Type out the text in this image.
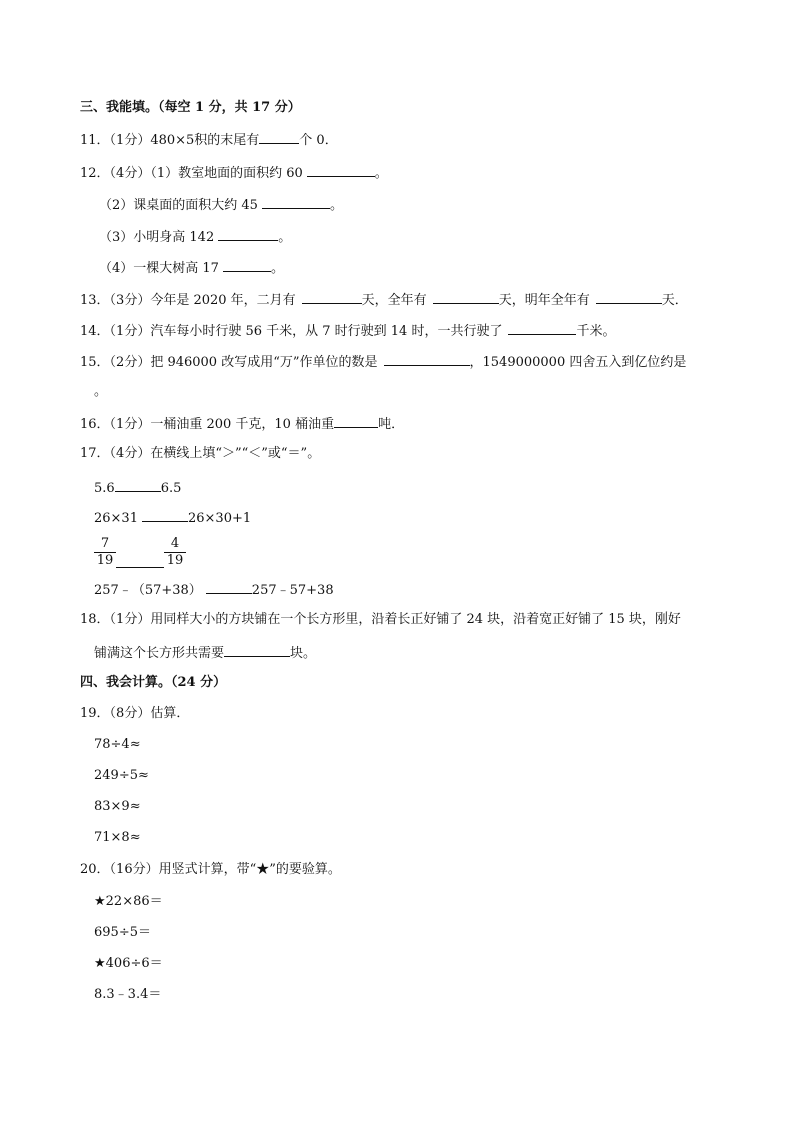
三、我能填。（每空 1 分，共 17 分）
11．（1分）480×5积的末尾有	个 0．
12．（4分）（1）教室地面的面积约 60	。
（2）课桌面的面积大约 45	。
（3）小明身高 142	。
（4）一棵大树高 17	。
13．（3分）今年是 2020 年，二月有	天，全年有	天，明年全年有	天．
14．（1分）汽车每小时行驶 56 千米，从 7 时行驶到 14 时，一共行驶了	千米。
15．（2分）把 946000 改写成用“万”作单位的数是	，1549000000 四舍五入到亿位约是
。
16．（1分）一桶油重 200 千克，10 桶油重	吨．
17．（4分）在横线上填“＞”“＜”或“＝”。
5.6	6.5
26×31	26×30+1
$\frac{7}{19}$	$\frac{4}{19}$
257﹣（57+38）	257﹣57+38
18．（1分）用同样大小的方块铺在一个长方形里，沿着长正好铺了 24 块，沿着宽正好铺了 15 块，刚好
铺满这个长方形共需要	块。
四、我会计算。（24 分）
19．（8分）估算．
78÷4≈
249÷5≈
83×9≈
71×8≈
20．（16分）用竖式计算，带“★”的要验算。
★22×86＝
695÷5＝
★406÷6＝
8.3﹣3.4＝
